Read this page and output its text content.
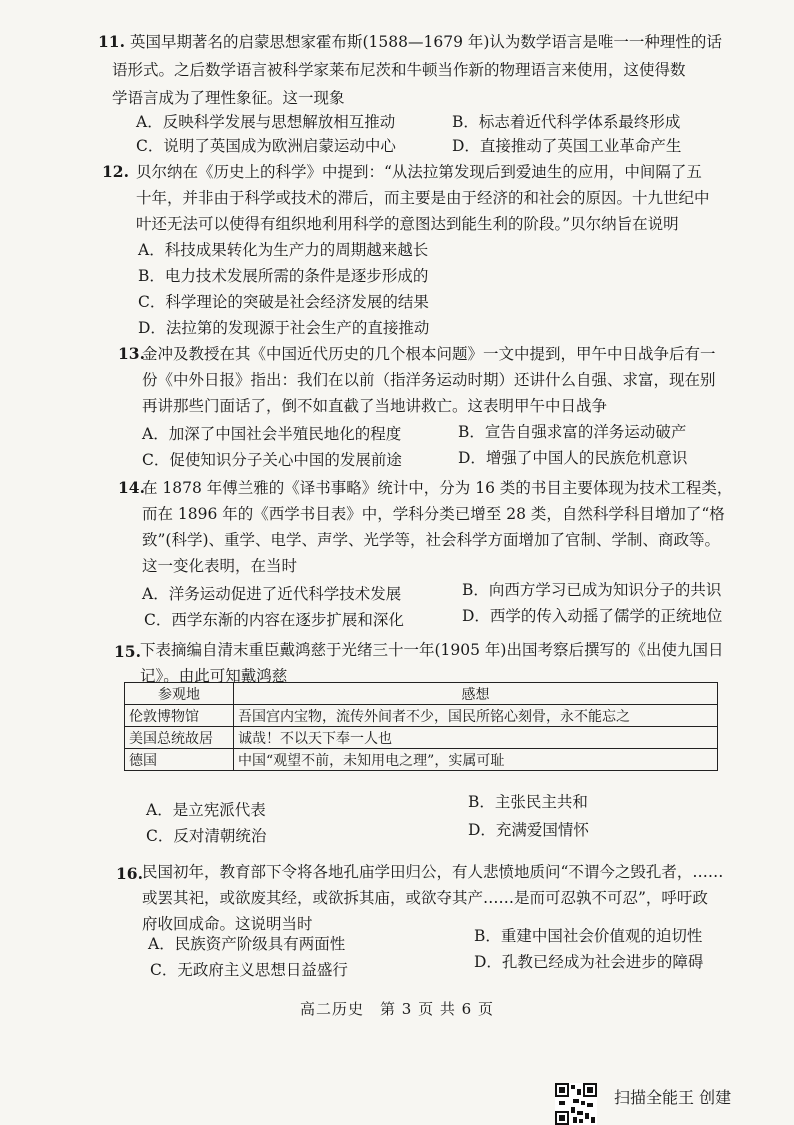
11. 英国早期著名的启蒙思想家霍布斯(1588—1679 年)认为数学语言是唯一一种理性的话
语形式。之后数学语言被科学家莱布尼茨和牛顿当作新的物理语言来使用，这使得数
学语言成为了理性象征。这一现象
A．反映科学发展与思想解放相互推动	B．标志着近代科学体系最终形成
C．说明了英国成为欧洲启蒙运动中心	D．直接推动了英国工业革命产生
12. 贝尔纳在《历史上的科学》中提到：“从法拉第发现后到爱迪生的应用，中间隔了五
十年，并非由于科学或技术的滞后，而主要是由于经济的和社会的原因。十九世纪中
叶还无法可以使得有组织地利用科学的意图达到能生利的阶段。”贝尔纳旨在说明
A．科技成果转化为生产力的周期越来越长
B．电力技术发展所需的条件是逐步形成的
C．科学理论的突破是社会经济发展的结果
D．法拉第的发现源于社会生产的直接推动
13.
金冲及教授在其《中国近代历史的几个根本问题》一文中提到，甲午中日战争后有一
份《中外日报》指出：我们在以前（指洋务运动时期）还讲什么自强、求富，现在别
再讲那些门面话了，倒不如直截了当地讲救亡。这表明甲午中日战争
A．加深了中国社会半殖民地化的程度	B．宣告自强求富的洋务运动破产
C．促使知识分子关心中国的发展前途	D．增强了中国人的民族危机意识
14.
在 1878 年傅兰雅的《译书事略》统计中，分为 16 类的书目主要体现为技术工程类，
而在 1896 年的《西学书目表》中，学科分类已增至 28 类，自然科学科目增加了“格
致”(科学)、重学、电学、声学、光学等，社会科学方面增加了官制、学制、商政等。
这一变化表明，在当时
A．洋务运动促进了近代科学技术发展	B．向西方学习已成为知识分子的共识
C．西学东渐的内容在逐步扩展和深化	D．西学的传入动摇了儒学的正统地位
15. 下表摘编自清末重臣戴鸿慈于光绪三十一年(1905 年)出国考察后撰写的《出使九国日
记》。由此可知戴鸿慈
参观地	感想
伦敦博物馆	吾国宫内宝物，流传外间者不少，国民所铭心刻骨，永不能忘之
美国总统故居	诚哉！不以天下奉一人也
德国	中国“观望不前，未知用电之理”，实属可耻
A．是立宪派代表	B．主张民主共和
C．反对清朝统治	D．充满爱国情怀
16. 民国初年，教育部下令将各地孔庙学田归公，有人悲愤地质问“不谓今之毁孔者，……
或罢其祀，或欲废其经，或欲拆其庙，或欲夺其产……是而可忍孰不可忍”，呼吁政
府收回成命。这说明当时
A．民族资产阶级具有两面性	B．重建中国社会价值观的迫切性
C．无政府主义思想日益盛行	D．孔教已经成为社会进步的障碍
高二历史　第 3 页 共 6 页
扫描全能王 创建
